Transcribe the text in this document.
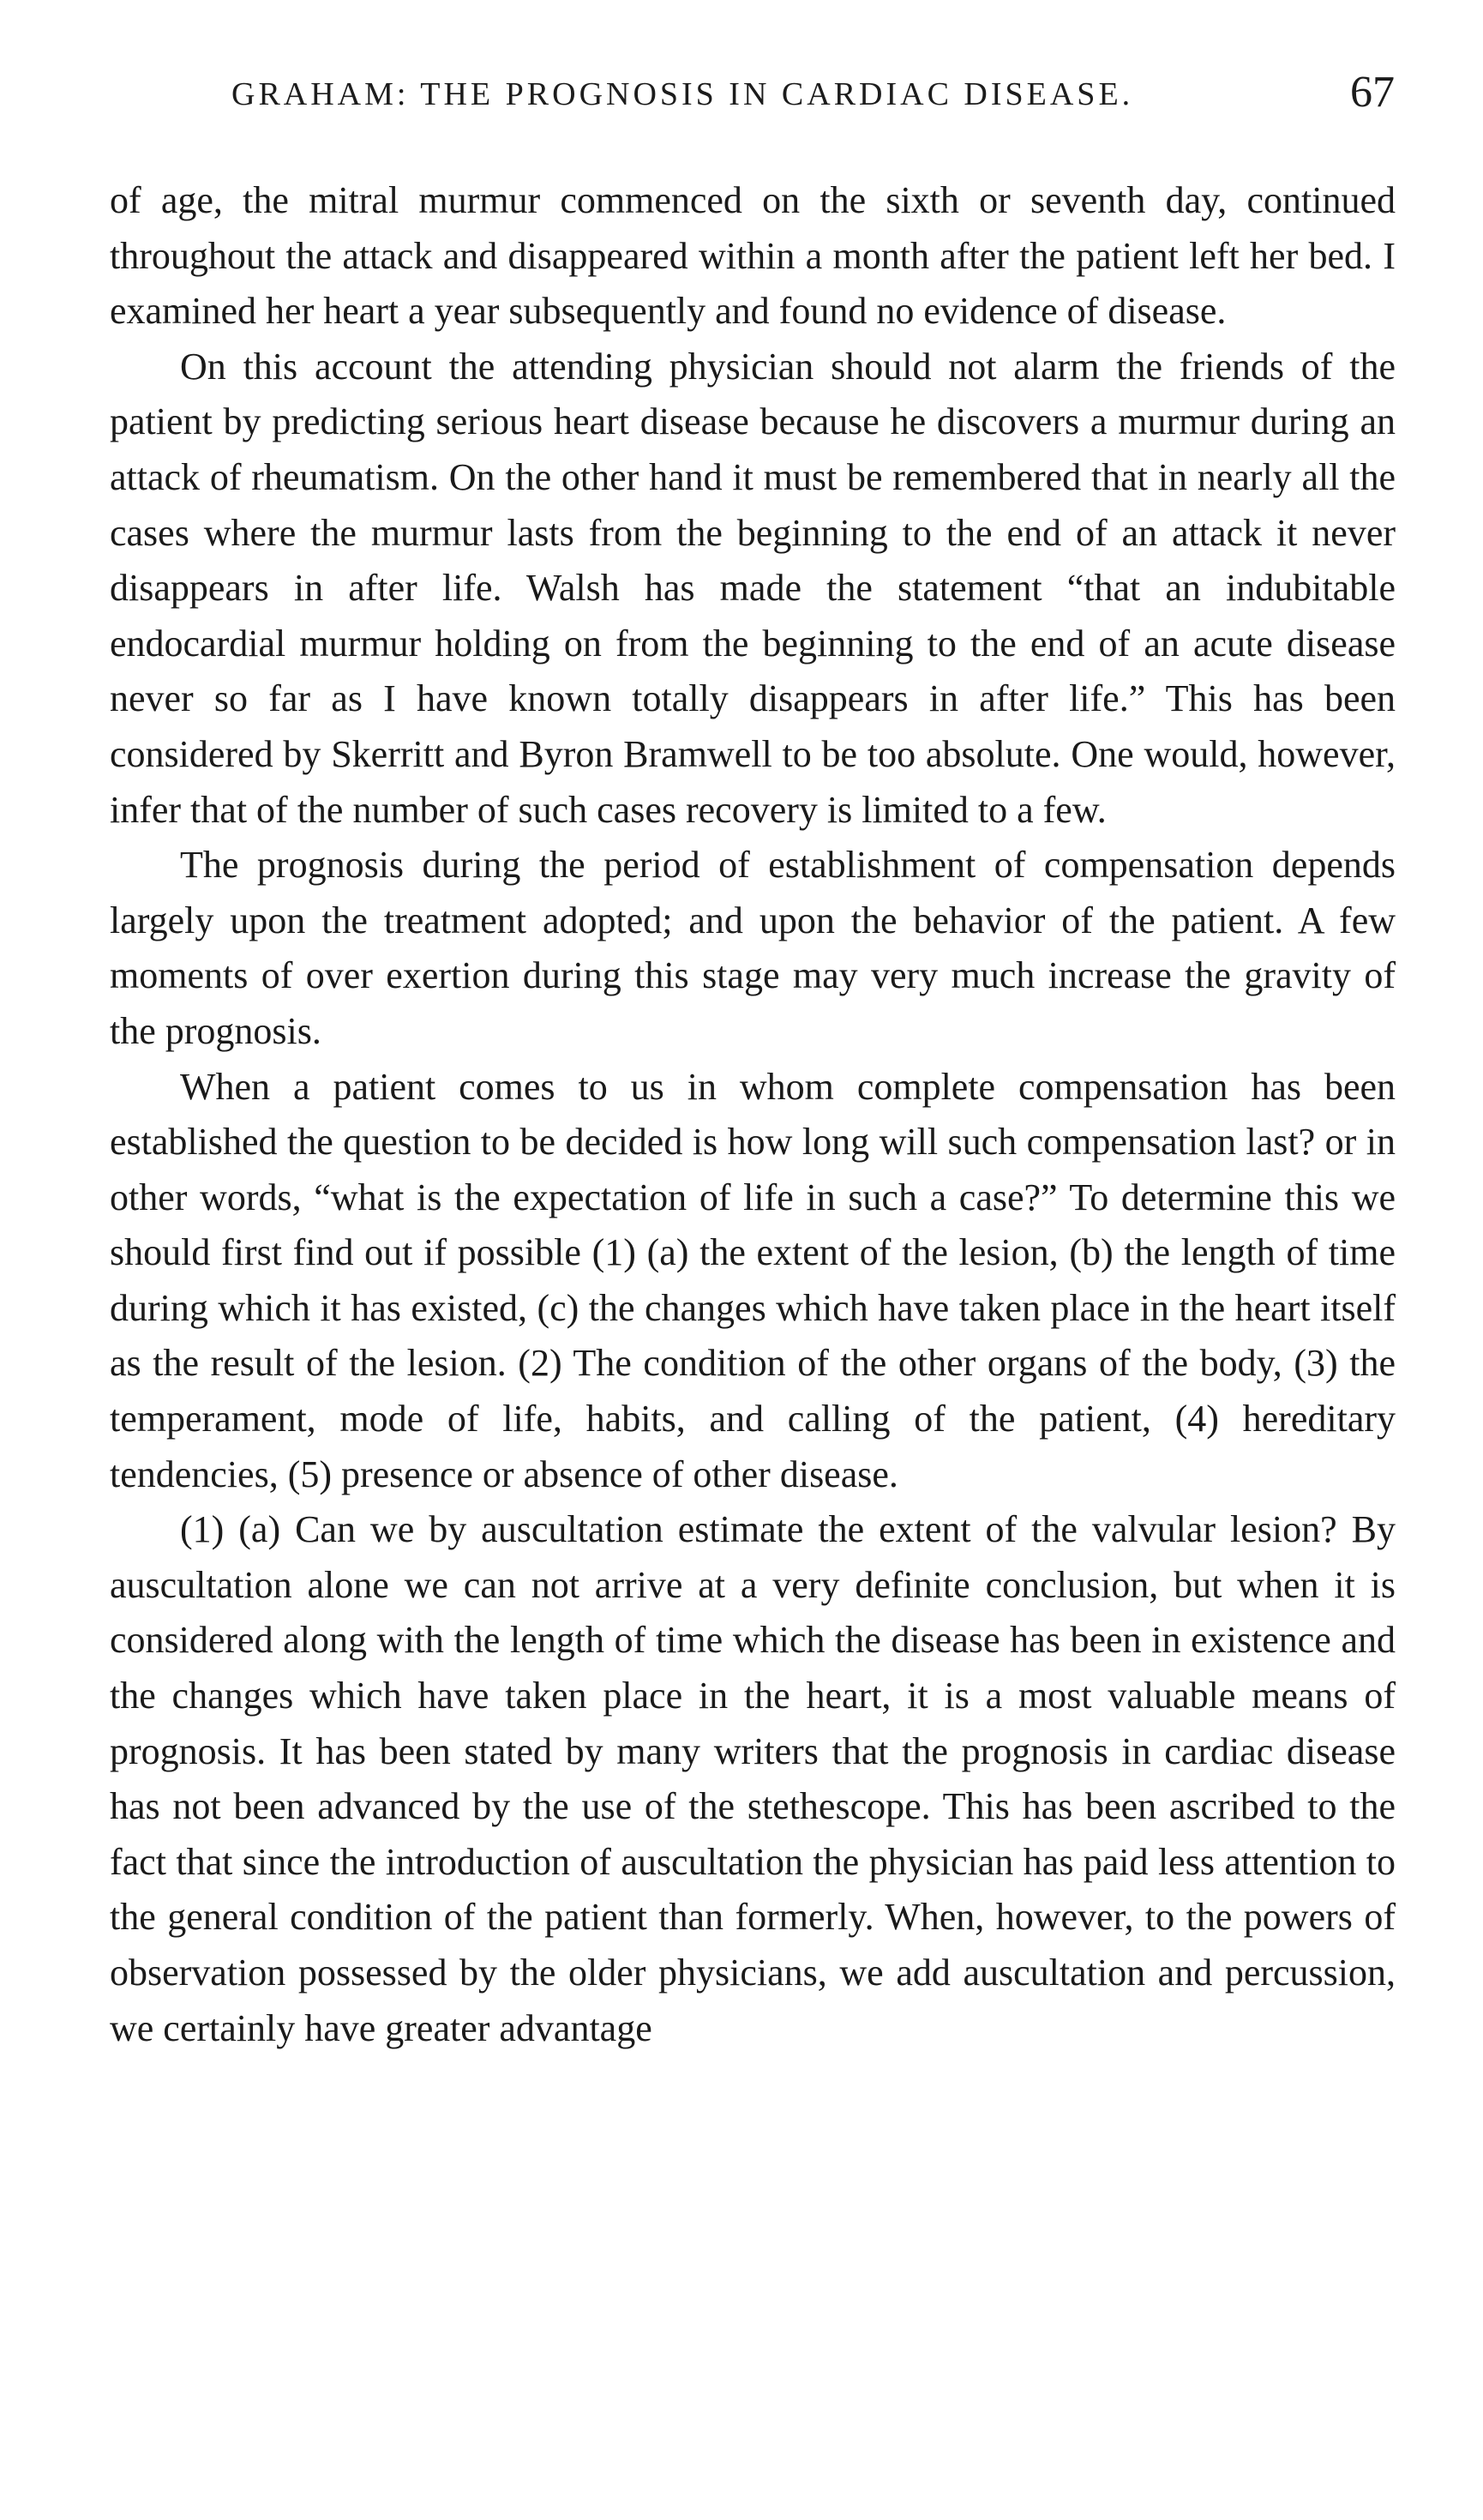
GRAHAM: THE PROGNOSIS IN CARDIAC DISEASE.	67

of age, the mitral murmur commenced on the sixth or seventh day, continued throughout the attack and disappeared within a month after the patient left her bed. I examined her heart a year subsequently and found no evidence of disease.

On this account the attending physician should not alarm the friends of the patient by predicting serious heart disease because he discovers a murmur during an attack of rheumatism. On the other hand it must be remembered that in nearly all the cases where the murmur lasts from the beginning to the end of an attack it never disappears in after life. Walsh has made the statement “that an indubitable endocardial murmur holding on from the beginning to the end of an acute disease never so far as I have known totally disappears in after life.” This has been considered by Skerritt and Byron Bramwell to be too absolute. One would, however, infer that of the number of such cases recovery is limited to a few.

The prognosis during the period of establishment of compensation depends largely upon the treatment adopted; and upon the behavior of the patient. A few moments of over exertion during this stage may very much increase the gravity of the prognosis.

When a patient comes to us in whom complete compensation has been established the question to be decided is how long will such compensation last? or in other words, “what is the expectation of life in such a case?” To determine this we should first find out if possible (1) (a) the extent of the lesion, (b) the length of time during which it has existed, (c) the changes which have taken place in the heart itself as the result of the lesion. (2) The condition of the other organs of the body, (3) the temperament, mode of life, habits, and calling of the patient, (4) hereditary tendencies, (5) presence or absence of other disease.

(1) (a) Can we by auscultation estimate the extent of the valvular lesion? By auscultation alone we can not arrive at a very definite conclusion, but when it is considered along with the length of time which the disease has been in existence and the changes which have taken place in the heart, it is a most valuable means of prognosis. It has been stated by many writers that the prognosis in cardiac disease has not been advanced by the use of the stethescope. This has been ascribed to the fact that since the introduction of auscultation the physician has paid less attention to the general condition of the patient than formerly. When, however, to the powers of observation possessed by the older physicians, we add auscultation and percussion, we certainly have greater advantage
